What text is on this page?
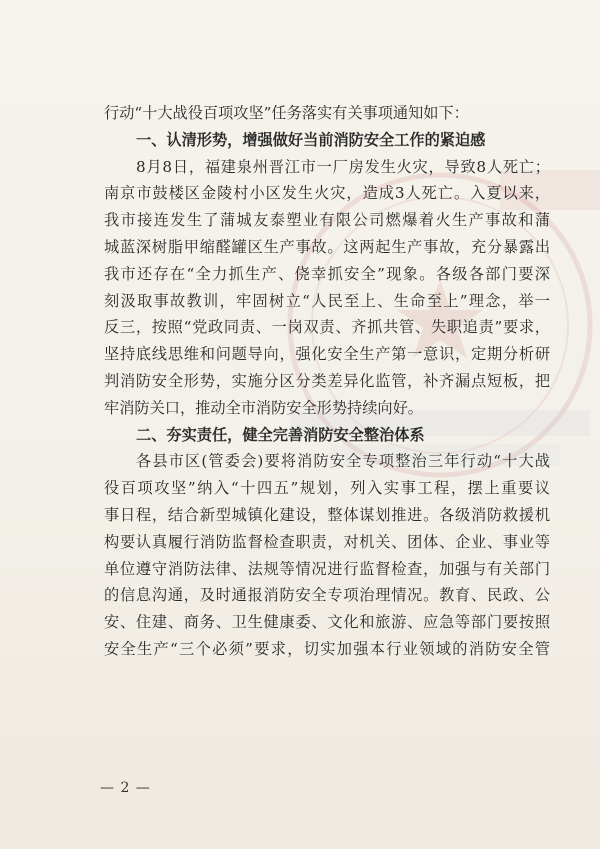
行动“十大战役百项攻坚”任务落实有关事项通知如下：
一、认清形势，增强做好当前消防安全工作的紧迫感
8月8日，福建泉州晋江市一厂房发生火灾，导致8人死亡；
南京市鼓楼区金陵村小区发生火灾，造成3人死亡。入夏以来，
我市接连发生了蒲城友泰塑业有限公司燃爆着火生产事故和蒲
城蓝深树脂甲缩醛罐区生产事故。这两起生产事故，充分暴露出
我市还存在“全力抓生产、侥幸抓安全”现象。各级各部门要深
刻汲取事故教训，牢固树立“人民至上、生命至上”理念，举一
反三，按照“党政同责、一岗双责、齐抓共管、失职追责”要求，
坚持底线思维和问题导向，强化安全生产第一意识，定期分析研
判消防安全形势，实施分区分类差异化监管，补齐漏点短板，把
牢消防关口，推动全市消防安全形势持续向好。
二、夯实责任，健全完善消防安全整治体系
各县市区(管委会)要将消防安全专项整治三年行动“十大战
役百项攻坚”纳入“十四五”规划，列入实事工程，摆上重要议
事日程，结合新型城镇化建设，整体谋划推进。各级消防救援机
构要认真履行消防监督检查职责，对机关、团体、企业、事业等
单位遵守消防法律、法规等情况进行监督检查，加强与有关部门
的信息沟通，及时通报消防安全专项治理情况。教育、民政、公
安、住建、商务、卫生健康委、文化和旅游、应急等部门要按照
安全生产“三个必须”要求，切实加强本行业领域的消防安全管
— 2 —
